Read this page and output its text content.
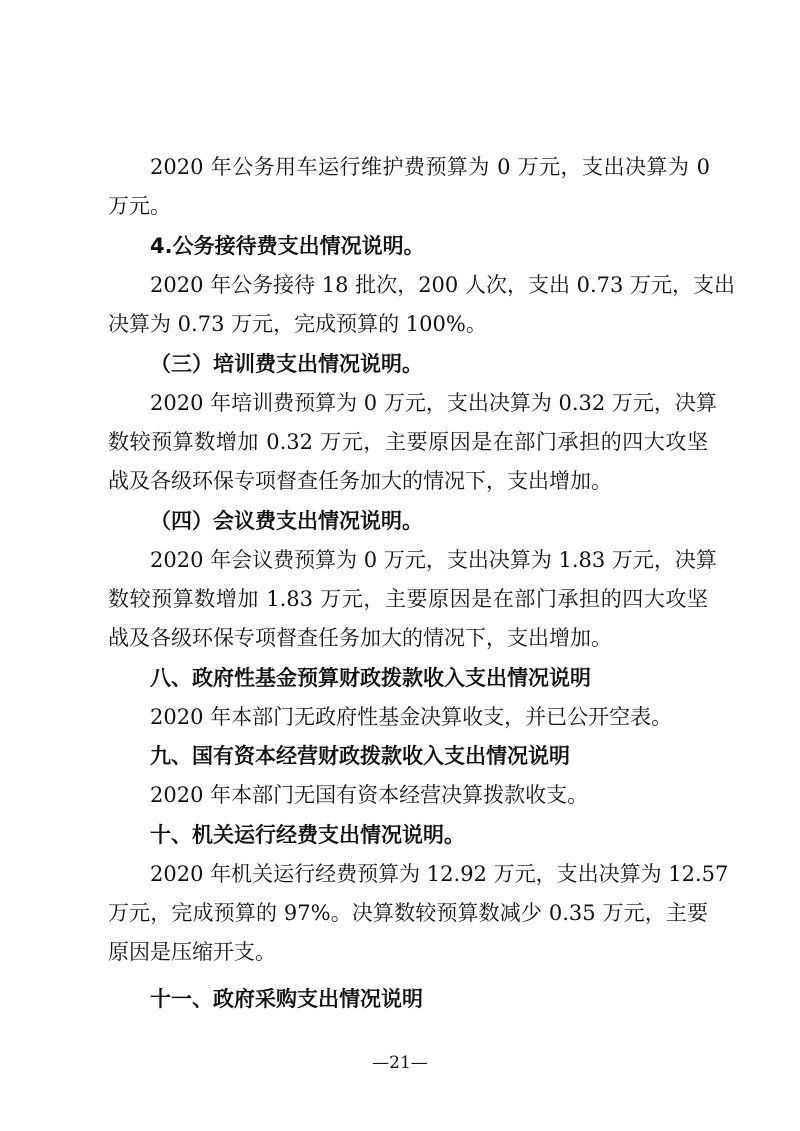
2020 年公务用车运行维护费预算为 0 万元，支出决算为 0
万元。
4.公务接待费支出情况说明。
2020 年公务接待 18 批次，200 人次，支出 0.73 万元，支出
决算为 0.73 万元，完成预算的 100%。
（三）培训费支出情况说明。
2020 年培训费预算为 0 万元，支出决算为 0.32 万元，决算
数较预算数增加 0.32 万元，主要原因是在部门承担的四大攻坚
战及各级环保专项督查任务加大的情况下，支出增加。
（四）会议费支出情况说明。
2020 年会议费预算为 0 万元，支出决算为 1.83 万元，决算
数较预算数增加 1.83 万元，主要原因是在部门承担的四大攻坚
战及各级环保专项督查任务加大的情况下，支出增加。
八、政府性基金预算财政拨款收入支出情况说明
2020 年本部门无政府性基金决算收支，并已公开空表。
九、国有资本经营财政拨款收入支出情况说明
2020 年本部门无国有资本经营决算拨款收支。
十、机关运行经费支出情况说明。
2020 年机关运行经费预算为 12.92 万元，支出决算为 12.57
万元，完成预算的 97%。决算数较预算数减少 0.35 万元，主要
原因是压缩开支。
十一、政府采购支出情况说明
—21—
